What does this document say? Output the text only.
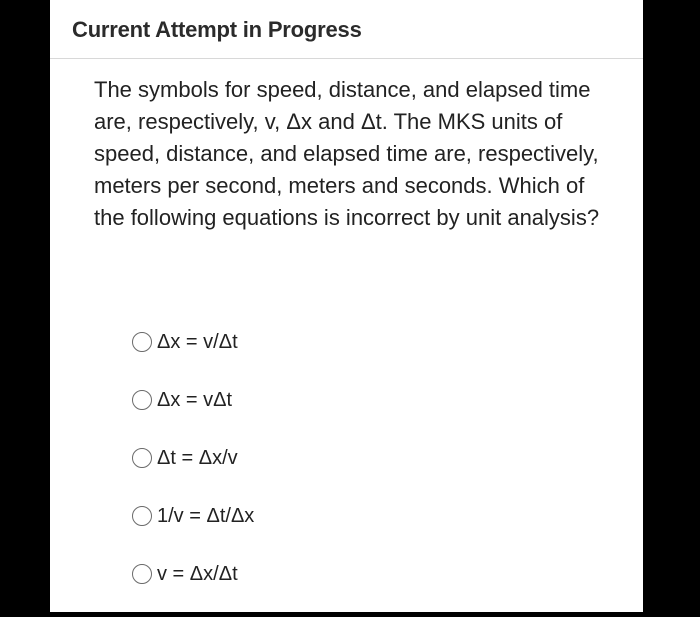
Current Attempt in Progress
The symbols for speed, distance, and elapsed time are, respectively, v, Δx and Δt. The MKS units of speed, distance, and elapsed time are, respectively, meters per second, meters and seconds. Which of the following equations is incorrect by unit analysis?
Δx = v/Δt
Δx = vΔt
Δt = Δx/v
1/v = Δt/Δx
v = Δx/Δt
